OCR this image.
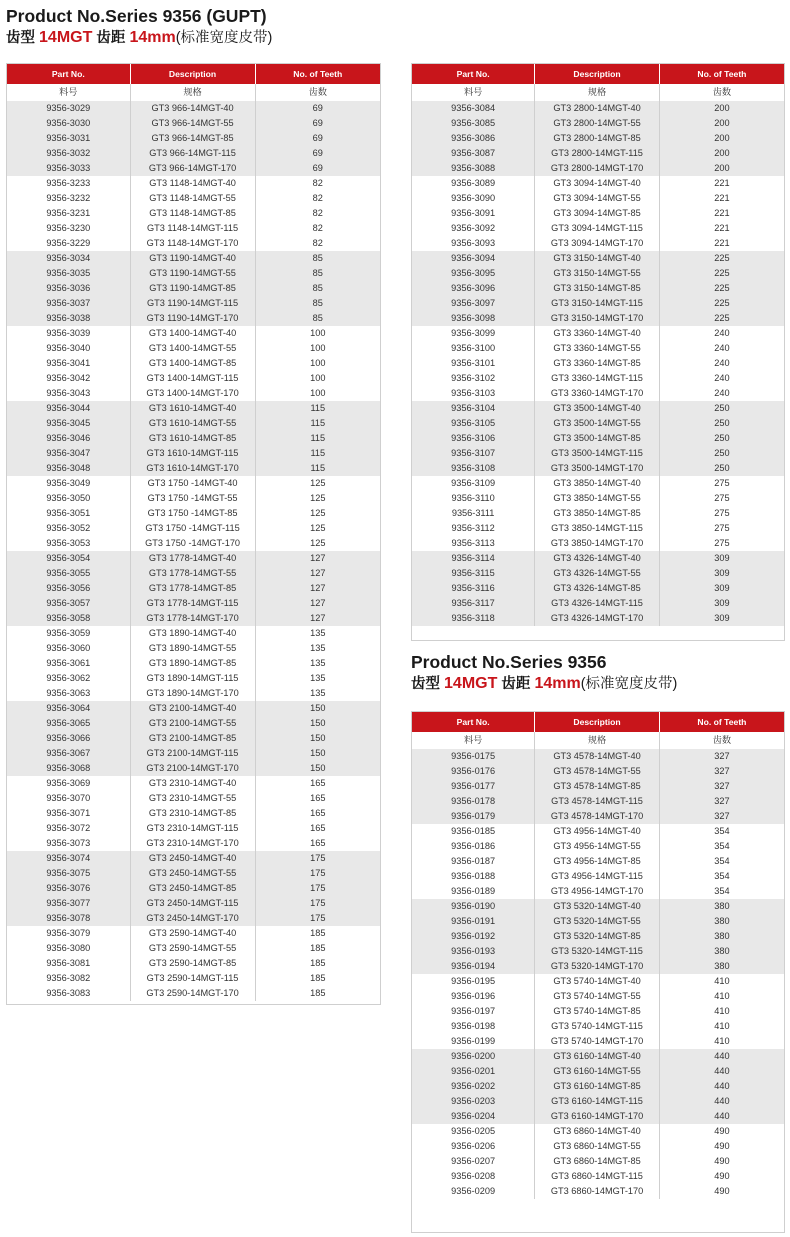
Product No.Series 9356 (GUPT)
齿型 14MGT 齿距 14mm(标准宽度皮带)
Part No.	Description	No. of Teeth
料号	规格	齿数
9356-3029	GT3 966-14MGT-40	69
9356-3030	GT3 966-14MGT-55	69
9356-3031	GT3 966-14MGT-85	69
9356-3032	GT3 966-14MGT-115	69
9356-3033	GT3 966-14MGT-170	69
9356-3233	GT3 1148-14MGT-40	82
9356-3232	GT3 1148-14MGT-55	82
9356-3231	GT3 1148-14MGT-85	82
9356-3230	GT3 1148-14MGT-115	82
9356-3229	GT3 1148-14MGT-170	82
9356-3034	GT3 1190-14MGT-40	85
9356-3035	GT3 1190-14MGT-55	85
9356-3036	GT3 1190-14MGT-85	85
9356-3037	GT3 1190-14MGT-115	85
9356-3038	GT3 1190-14MGT-170	85
9356-3039	GT3 1400-14MGT-40	100
9356-3040	GT3 1400-14MGT-55	100
9356-3041	GT3 1400-14MGT-85	100
9356-3042	GT3 1400-14MGT-115	100
9356-3043	GT3 1400-14MGT-170	100
9356-3044	GT3 1610-14MGT-40	115
9356-3045	GT3 1610-14MGT-55	115
9356-3046	GT3 1610-14MGT-85	115
9356-3047	GT3 1610-14MGT-115	115
9356-3048	GT3 1610-14MGT-170	115
9356-3049	GT3 1750 -14MGT-40	125
9356-3050	GT3 1750 -14MGT-55	125
9356-3051	GT3 1750 -14MGT-85	125
9356-3052	GT3 1750 -14MGT-115	125
9356-3053	GT3 1750 -14MGT-170	125
9356-3054	GT3 1778-14MGT-40	127
9356-3055	GT3 1778-14MGT-55	127
9356-3056	GT3 1778-14MGT-85	127
9356-3057	GT3 1778-14MGT-115	127
9356-3058	GT3 1778-14MGT-170	127
9356-3059	GT3 1890-14MGT-40	135
9356-3060	GT3 1890-14MGT-55	135
9356-3061	GT3 1890-14MGT-85	135
9356-3062	GT3 1890-14MGT-115	135
9356-3063	GT3 1890-14MGT-170	135
9356-3064	GT3 2100-14MGT-40	150
9356-3065	GT3 2100-14MGT-55	150
9356-3066	GT3 2100-14MGT-85	150
9356-3067	GT3 2100-14MGT-115	150
9356-3068	GT3 2100-14MGT-170	150
9356-3069	GT3 2310-14MGT-40	165
9356-3070	GT3 2310-14MGT-55	165
9356-3071	GT3 2310-14MGT-85	165
9356-3072	GT3 2310-14MGT-115	165
9356-3073	GT3 2310-14MGT-170	165
9356-3074	GT3 2450-14MGT-40	175
9356-3075	GT3 2450-14MGT-55	175
9356-3076	GT3 2450-14MGT-85	175
9356-3077	GT3 2450-14MGT-115	175
9356-3078	GT3 2450-14MGT-170	175
9356-3079	GT3 2590-14MGT-40	185
9356-3080	GT3 2590-14MGT-55	185
9356-3081	GT3 2590-14MGT-85	185
9356-3082	GT3 2590-14MGT-115	185
9356-3083	GT3 2590-14MGT-170	185
Part No.	Description	No. of Teeth
料号	规格	齿数
9356-3084	GT3 2800-14MGT-40	200
9356-3085	GT3 2800-14MGT-55	200
9356-3086	GT3 2800-14MGT-85	200
9356-3087	GT3 2800-14MGT-115	200
9356-3088	GT3 2800-14MGT-170	200
9356-3089	GT3 3094-14MGT-40	221
9356-3090	GT3 3094-14MGT-55	221
9356-3091	GT3 3094-14MGT-85	221
9356-3092	GT3 3094-14MGT-115	221
9356-3093	GT3 3094-14MGT-170	221
9356-3094	GT3 3150-14MGT-40	225
9356-3095	GT3 3150-14MGT-55	225
9356-3096	GT3 3150-14MGT-85	225
9356-3097	GT3 3150-14MGT-115	225
9356-3098	GT3 3150-14MGT-170	225
9356-3099	GT3 3360-14MGT-40	240
9356-3100	GT3 3360-14MGT-55	240
9356-3101	GT3 3360-14MGT-85	240
9356-3102	GT3 3360-14MGT-115	240
9356-3103	GT3 3360-14MGT-170	240
9356-3104	GT3 3500-14MGT-40	250
9356-3105	GT3 3500-14MGT-55	250
9356-3106	GT3 3500-14MGT-85	250
9356-3107	GT3 3500-14MGT-115	250
9356-3108	GT3 3500-14MGT-170	250
9356-3109	GT3 3850-14MGT-40	275
9356-3110	GT3 3850-14MGT-55	275
9356-3111	GT3 3850-14MGT-85	275
9356-3112	GT3 3850-14MGT-115	275
9356-3113	GT3 3850-14MGT-170	275
9356-3114	GT3 4326-14MGT-40	309
9356-3115	GT3 4326-14MGT-55	309
9356-3116	GT3 4326-14MGT-85	309
9356-3117	GT3 4326-14MGT-115	309
9356-3118	GT3 4326-14MGT-170	309
Product No.Series 9356
齿型 14MGT 齿距 14mm(标准宽度皮带)
Part No.	Description	No. of Teeth
料号	规格	齿数
9356-0175	GT3 4578-14MGT-40	327
9356-0176	GT3 4578-14MGT-55	327
9356-0177	GT3 4578-14MGT-85	327
9356-0178	GT3 4578-14MGT-115	327
9356-0179	GT3 4578-14MGT-170	327
9356-0185	GT3 4956-14MGT-40	354
9356-0186	GT3 4956-14MGT-55	354
9356-0187	GT3 4956-14MGT-85	354
9356-0188	GT3 4956-14MGT-115	354
9356-0189	GT3 4956-14MGT-170	354
9356-0190	GT3 5320-14MGT-40	380
9356-0191	GT3 5320-14MGT-55	380
9356-0192	GT3 5320-14MGT-85	380
9356-0193	GT3 5320-14MGT-115	380
9356-0194	GT3 5320-14MGT-170	380
9356-0195	GT3 5740-14MGT-40	410
9356-0196	GT3 5740-14MGT-55	410
9356-0197	GT3 5740-14MGT-85	410
9356-0198	GT3 5740-14MGT-115	410
9356-0199	GT3 5740-14MGT-170	410
9356-0200	GT3 6160-14MGT-40	440
9356-0201	GT3 6160-14MGT-55	440
9356-0202	GT3 6160-14MGT-85	440
9356-0203	GT3 6160-14MGT-115	440
9356-0204	GT3 6160-14MGT-170	440
9356-0205	GT3 6860-14MGT-40	490
9356-0206	GT3 6860-14MGT-55	490
9356-0207	GT3 6860-14MGT-85	490
9356-0208	GT3 6860-14MGT-115	490
9356-0209	GT3 6860-14MGT-170	490
